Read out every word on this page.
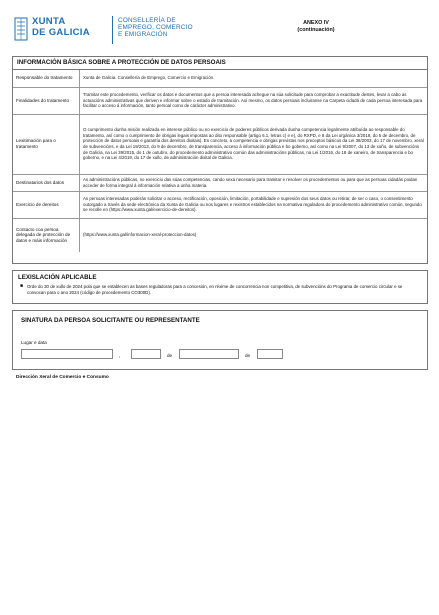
XUNTA
DE GALICIA
CONSELLERÍA DE
EMPREGO, COMERCIO
E EMIGRACIÓN
ANEXO IV
(continuación)
INFORMACIÓN BÁSICA SOBRE A PROTECCIÓN DE DATOS PERSOAIS
Responsable do tratamento	Xunta de Galicia. Consellería de Emprego, Comercio e Emigración.
Finalidades do tratamento	Tramitar este procedemento, verificar os datos e documentos que a persoa interesada achegue na súa solicitude para comprobar a exactitude destes, levar a cabo as actuacións administrativas que deriven e informar sobre o estado de tramitación. Así mesmo, os datos persoais incluiranse na Carpeta cidadá de cada persoa interesada para facilitar o acceso á información, tanto persoal como de carácter administrativo.
Lexitimación para o tratamento	O cumprimento dunha misión realizada en interese público ou no exercicio de poderes públicos derivada dunha competencia legalmente atribuída ao responsable do tratamento, así como o cumprimento de obrigas legais impostas ao dito responsable (artigo 6.1, letras c) e e), do RXPD, e 8 da Lei orgánica 3/2018, do 5 de decembro, de protección de datos persoais e garantía dos dereitos dixitais). En concreto, a competencia e obrigas previstas nos preceptos básicos da Lei 38/2003, do 17 de novembro, xeral de subvencións, e da Lei 19/2013, do 9 de decembro, de transparencia, acceso á información pública e bo goberno, así como na Lei 9/2007, do 13 de xuño, de subvencións de Galicia, na Lei 39/2015, do 1 de outubro, do procedemento administrativo común das administracións públicas, na Lei 1/2016, do 18 de xaneiro, de transparencia e bo goberno, e na Lei 4/2019, do 17 de xullo, de administración dixital de Galicia.
Destinatarios dos datos	As administracións públicas, no exercicio das súas competencias, cando sexa necesario para tramitar e resolver os procedementos ou para que as persoas cidadás poidan acceder de forma integral á información relativa a unha materia.
Exercicio de dereitos	As persoas interesadas poderán solicitar o acceso, rectificación, oposición, limitación, portabilidade e supresión dos seus datos ou retirar, de ser o caso, o consentimento outorgado a través da sede electrónica da Xunta de Galicia ou nos lugares e rexistros establecidos na normativa reguladora do procedemento administrativo común, segundo se recolle en (https://www.xunta.gal/exercicio-de-dereitos).
Contacto coa persoa delegada de protección de datos e máis información	(https://www.xunta.gal/informacion-xeral-proteccion-datos)
LEXISLACIÓN APLICABLE
■ Orde do 30 de xullo de 2024 pola que se establecen as bases reguladoras para a concesión, en réxime de concorrencia non competitiva, de subvencións do Programa de comercio circular e se convocan para o ano 2024 (código de procedemento CO300D).
SINATURA DA PERSOA SOLICITANTE OU REPRESENTANTE
Lugar e data
,	de	de
Dirección Xeral de Comercio e Consumo
